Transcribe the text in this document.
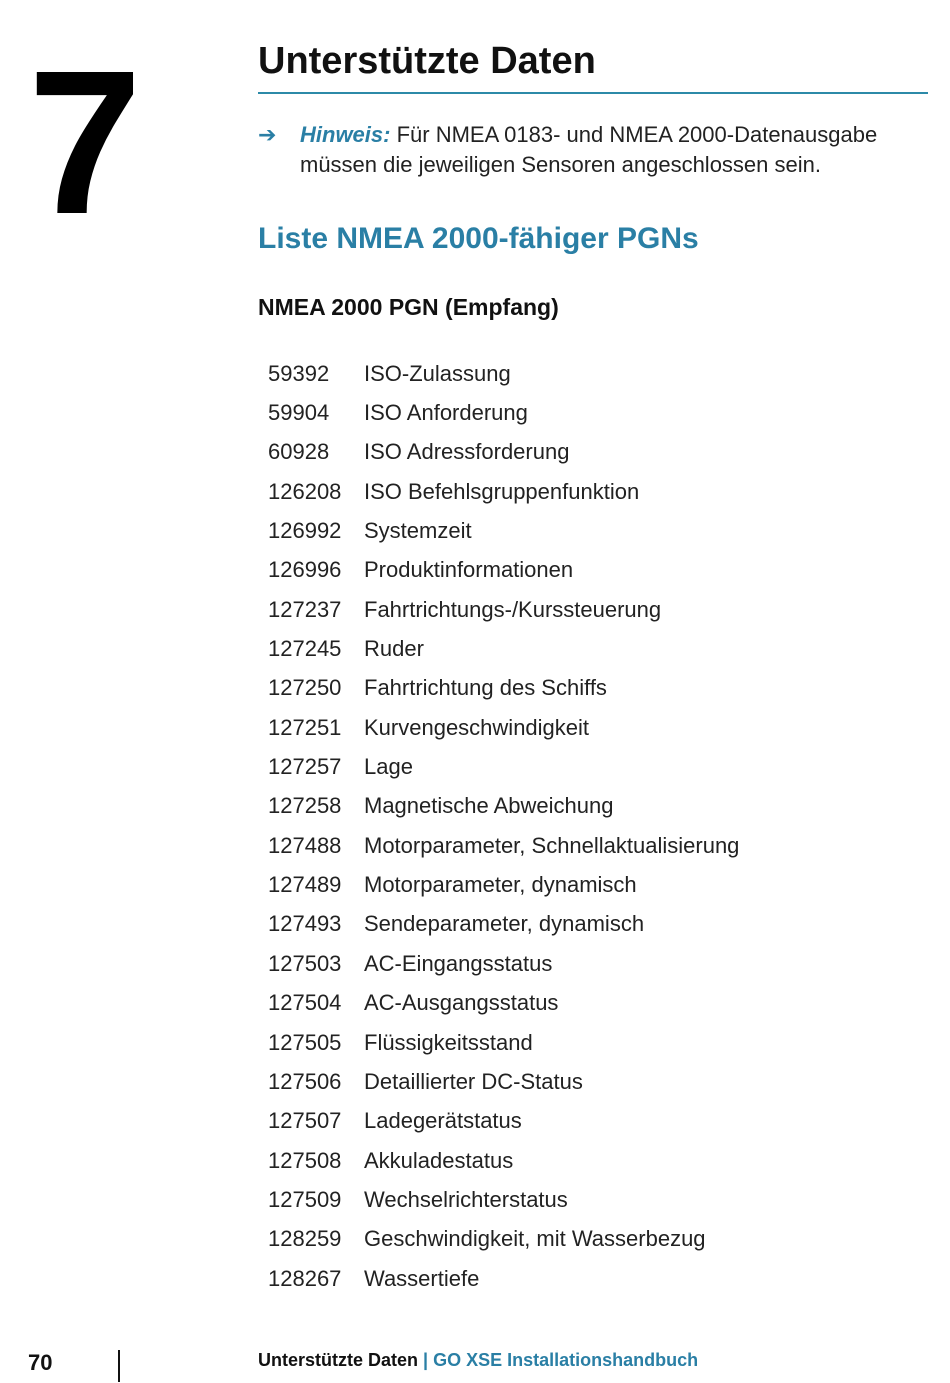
7	Unterstützte Daten
➔ Hinweis: Für NMEA 0183- und NMEA 2000-Datenausgabe müssen die jeweiligen Sensoren angeschlossen sein.
Liste NMEA 2000-fähiger PGNs
NMEA 2000 PGN (Empfang)
59392	ISO-Zulassung
59904	ISO Anforderung
60928	ISO Adressforderung
126208	ISO Befehlsgruppenfunktion
126992	Systemzeit
126996	Produktinformationen
127237	Fahrtrichtungs-/Kurssteuerung
127245	Ruder
127250	Fahrtrichtung des Schiffs
127251	Kurvengeschwindigkeit
127257	Lage
127258	Magnetische Abweichung
127488	Motorparameter, Schnellaktualisierung
127489	Motorparameter, dynamisch
127493	Sendeparameter, dynamisch
127503	AC-Eingangsstatus
127504	AC-Ausgangsstatus
127505	Flüssigkeitsstand
127506	Detaillierter DC-Status
127507	Ladegerätstatus
127508	Akkuladestatus
127509	Wechselrichterstatus
128259	Geschwindigkeit, mit Wasserbezug
128267	Wassertiefe
70	Unterstützte Daten | GO XSE Installationshandbuch
